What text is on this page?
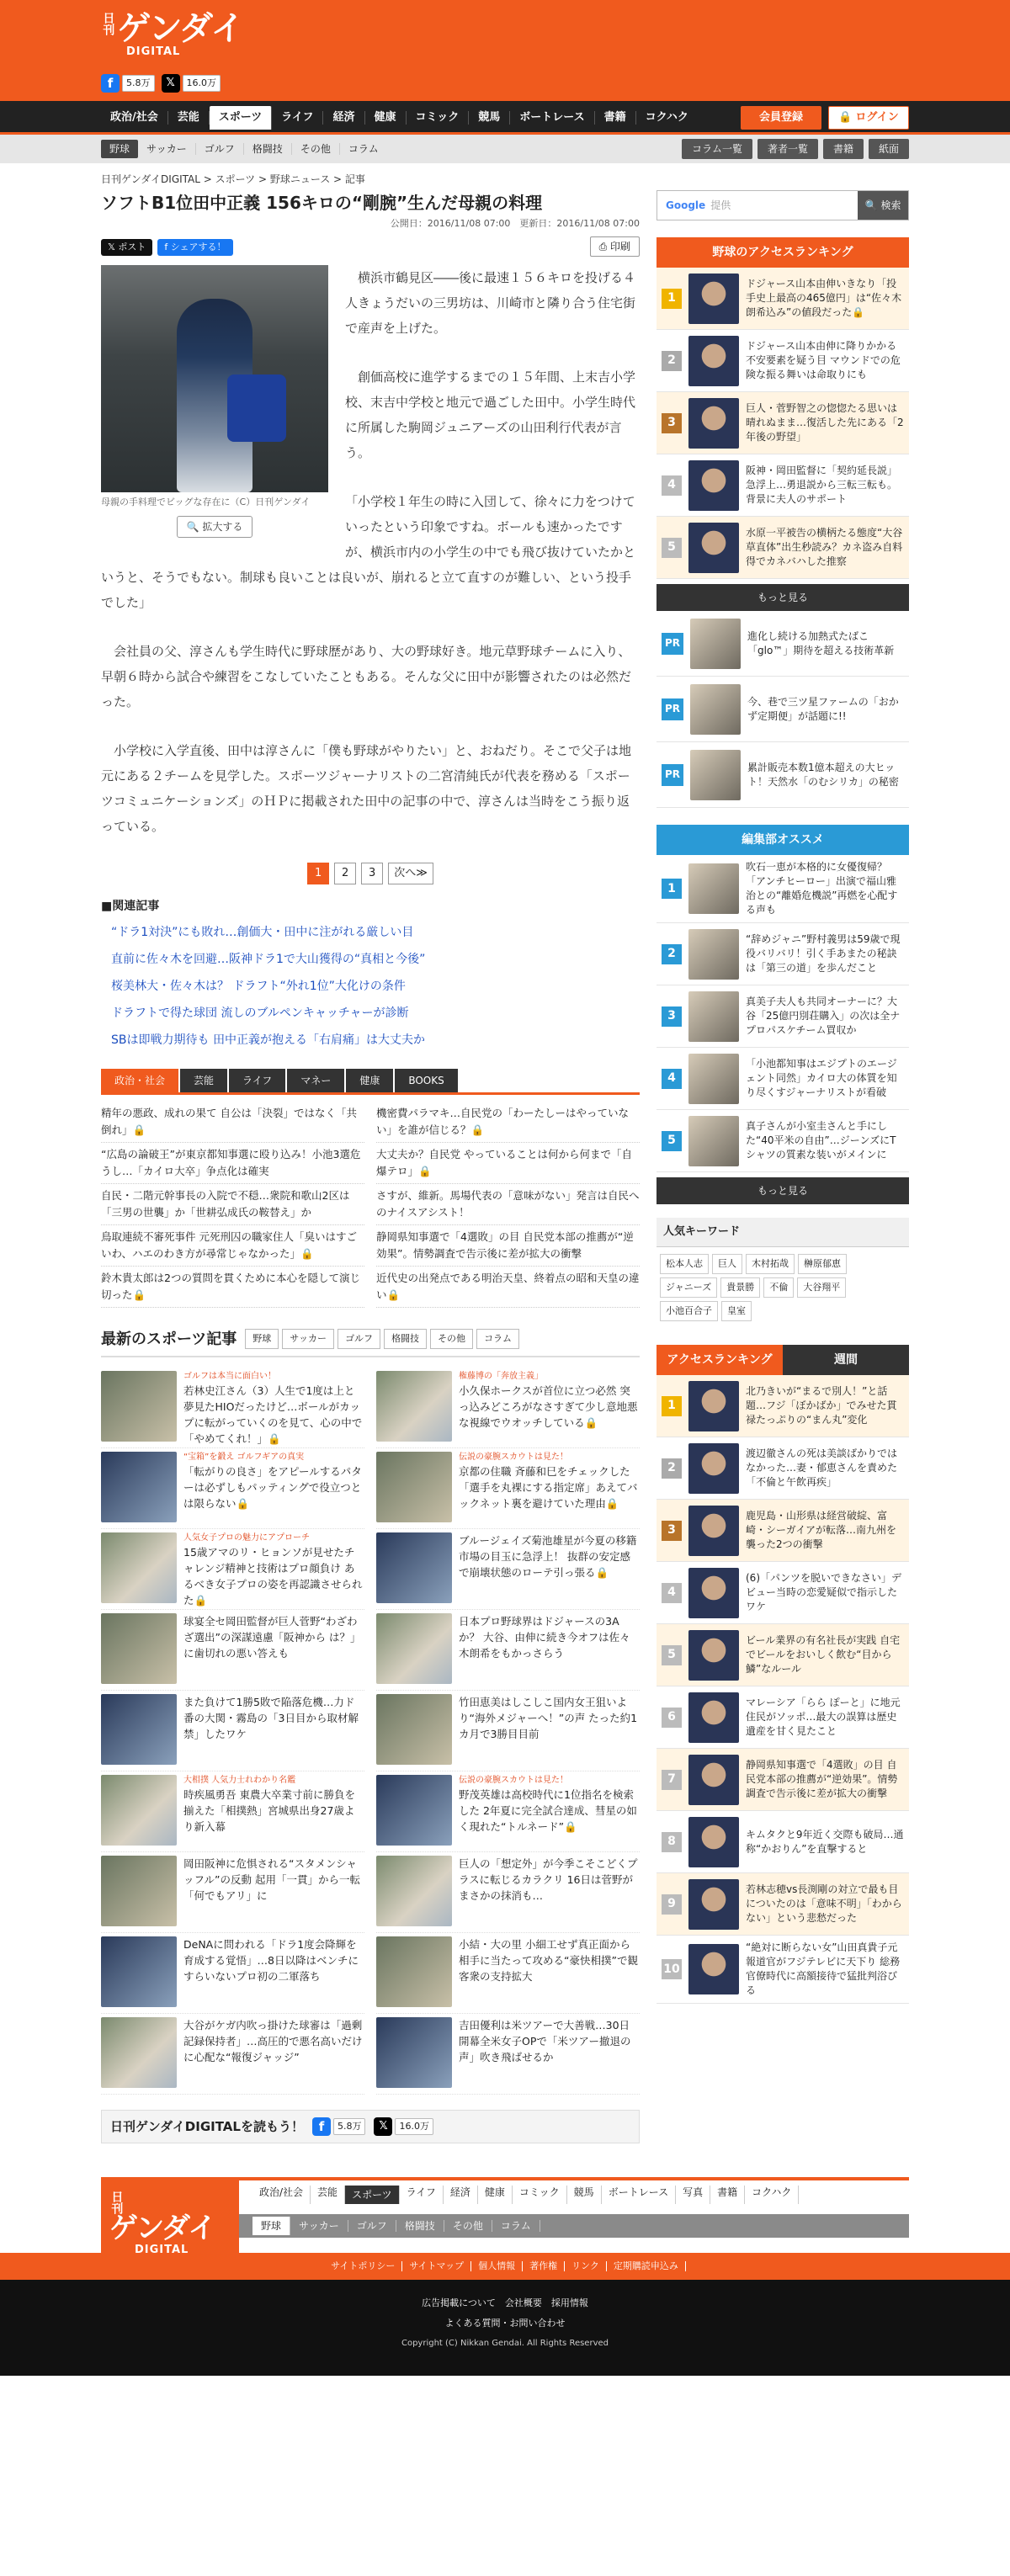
日刊ゲンダイ
DIGITAL
f	5.8万	𝕏	16.0万
政治/社会	芸能	スポーツ	ライフ	経済	健康	コミック	競馬	ボートレース	書籍	コクハク	会員登録	🔒 ログイン
野球	サッカー	ゴルフ	格闘技	その他	コラム	コラム一覧	著者一覧	書籍	紙面
日刊ゲンダイDIGITAL > スポーツ > 野球ニュース > 記事
ソフトB1位田中正義 156キロの“剛腕”生んだ母親の料理
公開日：2016/11/08 07:00　更新日：2016/11/08 07:00
𝕏 ポスト	f シェアする！	⎙ 印刷
母親の手料理でビッグな存在に（C）日刊ゲンダイ
🔍 拡大する

横浜市鶴見区――後に最速１５６キロを投げる４人きょうだいの三男坊は、川崎市と隣り合う住宅街で産声を上げた。

創価高校に進学するまでの１５年間、上末吉小学校、末吉中学校と地元で過ごした田中。小学生時代に所属した駒岡ジュニアーズの山田利行代表が言う。

「小学校１年生の時に入団して、徐々に力をつけていったという印象ですね。ボールも速かったですが、横浜市内の小学生の中でも飛び抜けていたかというと、そうでもない。制球も良いことは良いが、崩れると立て直すのが難しい、という投手でした」

会社員の父、淳さんも学生時代に野球歴があり、大の野球好き。地元草野球チームに入り、早朝６時から試合や練習をこなしていたこともある。そんな父に田中が影響されたのは必然だった。

小学校に入学直後、田中は淳さんに「僕も野球がやりたい」と、おねだり。そこで父子は地元にある２チームを見学した。スポーツジャーナリストの二宮清純氏が代表を務める「スポーツコミュニケーションズ」のＨＰに掲載された田中の記事の中で、淳さんは当時をこう振り返っている。

1	2	3	次へ≫
■関連記事
“ドラ1対決”にも敗れ…創価大・田中に注がれる厳しい目
直前に佐々木を回避…阪神ドラ1で大山獲得の“真相と今後”
桜美林大・佐々木は？ ドラフト“外れ1位”大化けの条件
ドラフトで得た球団 流しのブルペンキャッチャーが診断
SBは即戦力期待も 田中正義が抱える「右肩痛」は大丈夫か
政治・社会	芸能	ライフ	マネー	健康	BOOKS
精年の悪政、成れの果て 自公は「決裂」ではなく「共倒れ」🔒
機密費パラマキ…自民党の「わーたしーはやっていない」を誰が信じる？🔒
“広島の論破王”が東京都知事選に殴り込み！小池3選危うし…「カイロ大卒」争点化は確実
大丈夫か？自民党 やっていることは何から何まで「自爆テロ」🔒
自民・二階元幹事長の入院で不穏…衆院和歌山2区は「三男の世襲」か「世耕弘成氏の鞍替え」か
さすが、維新。馬場代表の「意味がない」発言は自民へのナイスアシスト！
鳥取連続不審死事件 元死刑囚の職家住人「臭いはすごいわ、ハエのわき方が尋常じゃなかった」🔒
静岡県知事選で「4選敗」の目 自民党本部の推薦が“逆効果”。情勢調査で告示後に差が拡大の衝撃
鈴木貴太郎は2つの質問を貫くために本心を隠して演じ切った🔒
近代史の出発点である明治天皇、終着点の昭和天皇の違い🔒
最新のスポーツ記事	野球	サッカー	ゴルフ	格闘技	その他	コラム
ゴルフは本当に面白い！
若林史江さん（3）人生で1度は上と夢見たHIOだったけど…ボールがカップに転がっていくのを見て、心の中で「やめてくれ！」🔒
権藤博の「奔放主義」
小久保ホークスが首位に立つ必然 突っ込みどころがなさすぎて少し意地悪な視線でウオッチしている🔒
“宝箱”を鍛え ゴルフギアの真実
「転がりの良さ」をアピールするパターは必ずしもパッティングで役立つとは限らない🔒
伝説の豪腕スカウトは見た！
京都の住職 斉藤和巳をチェックした「選手を丸裸にする指定席」あえてバックネット裏を避けていた理由🔒
人気女子プロの魅力にアプローチ
15歳アマのリ・ヒョンソが見せたチャレンジ精神と技術はプロ顔負け あるべき女子プロの姿を再認識させられた🔒
ブルージェイズ菊池雄星が今夏の移籍市場の目玉に急浮上！ 抜群の安定感で崩壊状態のローテ引っ張る🔒
球宴全セ岡田監督が巨人菅野“わざわざ選出”の深謀遠慮「阪神から は？」に歯切れの悪い答えも
日本プロ野球界はドジャースの3Aか？ 大谷、由伸に続き今オフは佐々木朗希をもかっさらう
また負けて1勝5敗で陥落危機…力ド番の大関・霧島の「3日目から取材解禁」したワケ
竹田恵美はしこしこ国内女王狙いより“海外メジャーへ！”の声 たった約1カ月で3勝目目前
大相撲 人気力士れわかり名鑑
時疾風勇吾 東農大卒業寸前に勝負を揃えた「相撲熱」宮城県出身27歳より新入幕
伝説の豪腕スカウトは見た！
野茂英雄は高校時代に1位指名を検索した 2年夏に完全試合達成、彗星の如く現れた“トルネード”🔒
岡田阪神に危惧される“スタメンシャッフル”の反動 起用「一貫」から一転「何でもアリ」に
巨人の「想定外」が今季こそこどくプラスに転じるカラクリ 16日は菅野がまさかの抹消も…
DeNAに問われる「ドラ1度会降輝を育成する覚悟」…8日以降はベンチにすらいないプロ初の二軍落ち
小結・大の里 小細工せず真正面から相手に当たって攻める“豪快相撲”で観客衆の支持拡大
大谷がケガ内吹っ掛けた球審は「過剰記録保持者」…高圧的で悪名高いだけに心配な“報復ジャッジ”
吉田優利は米ツアーで大善戦…30日開幕全米女子OPで「米ツアー撤退の声」吹き飛ばせるか
日刊ゲンダイDIGITALを読もう！	f	5.8万	𝕏	16.0万
Google 提供	🔍 検索
野球のアクセスランキング
1
ドジャース山本由伸いきなり「投手史上最高の465億円」は“佐々木朗希込み”の値段だった🔒
2
ドジャース山本由伸に降りかかる不安要素を疑う目 マウンドでの危険な振る舞いは命取りにも
3
巨人・菅野智之の惚惚たる思いは晴れぬまま…復活した先にある「2年後の野望」
4
阪神・岡田監督に「契約延長説」急浮上…勇退説から三転三転も。背景に夫人のサポート
5
水原一平被告の横柄たる態度“大谷草直体”出生秒読み？カネ盗み自料得でカネバハした推察
もっと見る
PR
進化し続ける加熱式たばこ「glo™」期待を超える技術革新
PR
今、巷で三ツ星ファームの「おかず定期便」が話題に!!
PR
累計販売本数1億本超えの大ヒット！天然水「のむシリカ」の秘密
編集部オススメ
1
吹石一恵が本格的に女優復帰？「アンチヒーロー」出演で福山雅治との“離婚危機説”再燃を心配する声も
2
“辞めジャニ”野村義男は59歳で現役バリバリ！引く手あまたの秘訣は「第三の道」を歩んだこと
3
真美子夫人も共同オーナーに？大谷「25億円別荘購入」の次は全ナプロパスケチーム買収か
4
「小池都知事はエジプトのエージェント同然」カイロ大の体質を知り尽くすジャーナリストが看破
5
真子さんが小室圭さんと手にした“40平米の自由”…ジーンズにTシャツの質素な装いがメインに
もっと見る
人気キーワード
松本人志	巨人	木村拓哉	榊原郁恵
ジャニーズ	貴景勝	不倫	大谷翔平
小池百合子	皇室
アクセスランキング	週間
1
北乃きいが“まるで別人！”と話題…フジ「ぼかばか」でみせた貫禄たっぷりの“まん丸”変化
2
渡辺徹さんの死は美談ばかりではなかった…妻・郁恵さんを責めた「不倫と午飲再疾」
3
鹿児島・山形県は経営破綻、富崎・シーガイアが転落…南九州を襲った2つの衝撃
4
(6)「パンツを脱いできなさい」デビュー当時の恋愛疑似で指示したワケ
5
ビール業界の有名社長が実践 自宅でビールをおいしく飲む“目から鱗”なルール
6
マレーシア「らら ぽーと」に地元住民がソッポ…最大の誤算は歴史遺産を甘く見たこと
7
静岡県知事選で「4選敗」の目 自民党本部の推薦が“逆効果”。情勢調査で告示後に差が拡大の衝撃
8
キムタクと9年近く交際も破局…通称“かおりん”を直撃すると
9
若林志穂vs長渕剛の対立で最も目についたのは「意味不明」「わからない」という悲愁だった
10
“絶対に断らない女”山田真貴子元報道官がフジテレビに天下り 総務官僚時代に高額接待で猛批判浴びる
日刊ゲンダイ
DIGITAL
政治/社会	芸能	スポーツ	ライフ	経済	健康	コミック	競馬	ボートレース	写真	書籍	コクハク
野球	サッカー	ゴルフ	格闘技	その他	コラム
サイトポリシー	サイトマップ	個人情報	著作権	リンク	定期購読申込み
広告掲載について　会社概要　採用情報
よくある質問・お問い合わせ
Copyright (C) Nikkan Gendai. All Rights Reserved
